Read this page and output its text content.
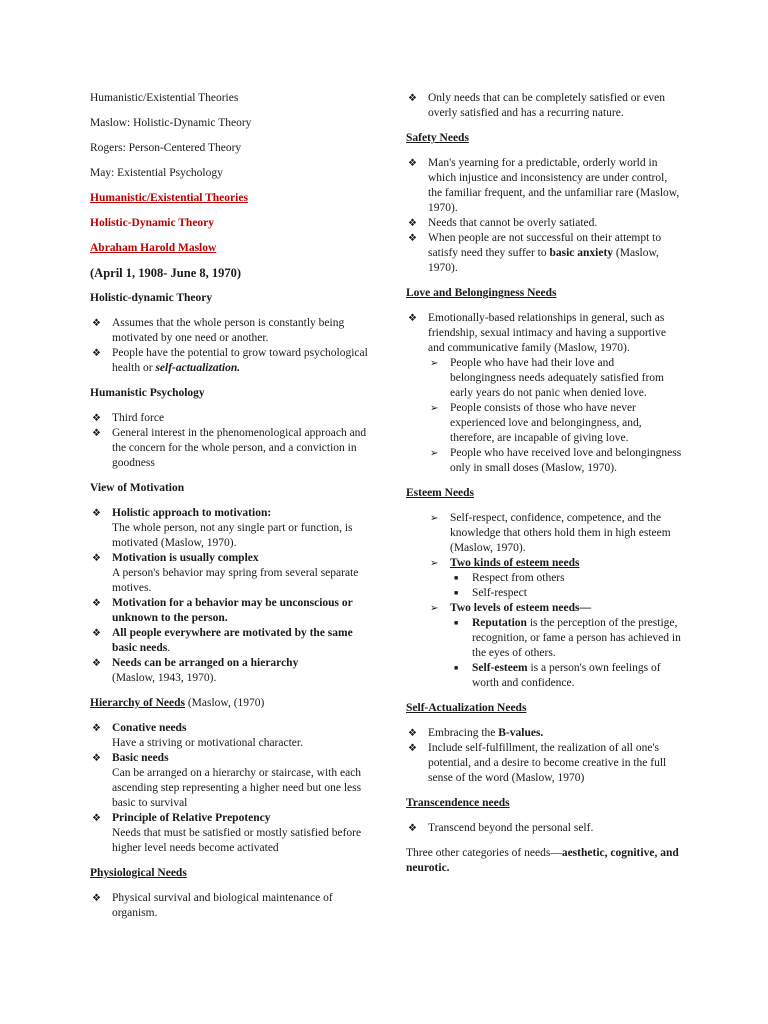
Humanistic/Existential Theories
Maslow: Holistic-Dynamic Theory
Rogers: Person-Centered Theory
May: Existential Psychology
Humanistic/Existential Theories
Holistic-Dynamic Theory
Abraham Harold Maslow
(April 1, 1908- June 8, 1970)
Holistic-dynamic Theory
❖ Assumes that the whole person is constantly being motivated by one need or another.
❖ People have the potential to grow toward psychological health or self-actualization.
Humanistic Psychology
❖ Third force
❖ General interest in the phenomenological approach and the concern for the whole person, and a conviction in goodness
View of Motivation
❖ Holistic approach to motivation:
The whole person, not any single part or function, is motivated (Maslow, 1970).
❖ Motivation is usually complex
A person's behavior may spring from several separate motives.
❖ Motivation for a behavior may be unconscious or unknown to the person.
❖ All people everywhere are motivated by the same basic needs.
❖ Needs can be arranged on a hierarchy
(Maslow, 1943, 1970).
Hierarchy of Needs (Maslow, (1970)
❖ Conative needs
Have a striving or motivational character.
❖ Basic needs
Can be arranged on a hierarchy or staircase, with each ascending step representing a higher need but one less basic to survival
❖ Principle of Relative Prepotency
Needs that must be satisfied or mostly satisfied before higher level needs become activated
Physiological Needs
❖ Physical survival and biological maintenance of organism.
❖ Only needs that can be completely satisfied or even overly satisfied and has a recurring nature.
Safety Needs
❖ Man's yearning for a predictable, orderly world in which injustice and inconsistency are under control, the familiar frequent, and the unfamiliar rare (Maslow, 1970).
❖ Needs that cannot be overly satiated.
❖ When people are not successful on their attempt to satisfy need they suffer to basic anxiety (Maslow, 1970).
Love and Belongingness Needs
❖ Emotionally-based relationships in general, such as friendship, sexual intimacy and having a supportive and communicative family (Maslow, 1970).
➢ People who have had their love and belongingness needs adequately satisfied from early years do not panic when denied love.
➢ People consists of those who have never experienced love and belongingness, and, therefore, are incapable of giving love.
➢ People who have received love and belongingness only in small doses (Maslow, 1970).
Esteem Needs
➢ Self-respect, confidence, competence, and the knowledge that others hold them in high esteem (Maslow, 1970).
➢ Two kinds of esteem needs
■ Respect from others
■ Self-respect
➢ Two levels of esteem needs—
■ Reputation is the perception of the prestige, recognition, or fame a person has achieved in the eyes of others.
■ Self-esteem is a person's own feelings of worth and confidence.
Self-Actualization Needs
❖ Embracing the B-values.
❖ Include self-fulfillment, the realization of all one's potential, and a desire to become creative in the full sense of the word (Maslow, 1970)
Transcendence needs
❖ Transcend beyond the personal self.
Three other categories of needs—aesthetic, cognitive, and neurotic.
